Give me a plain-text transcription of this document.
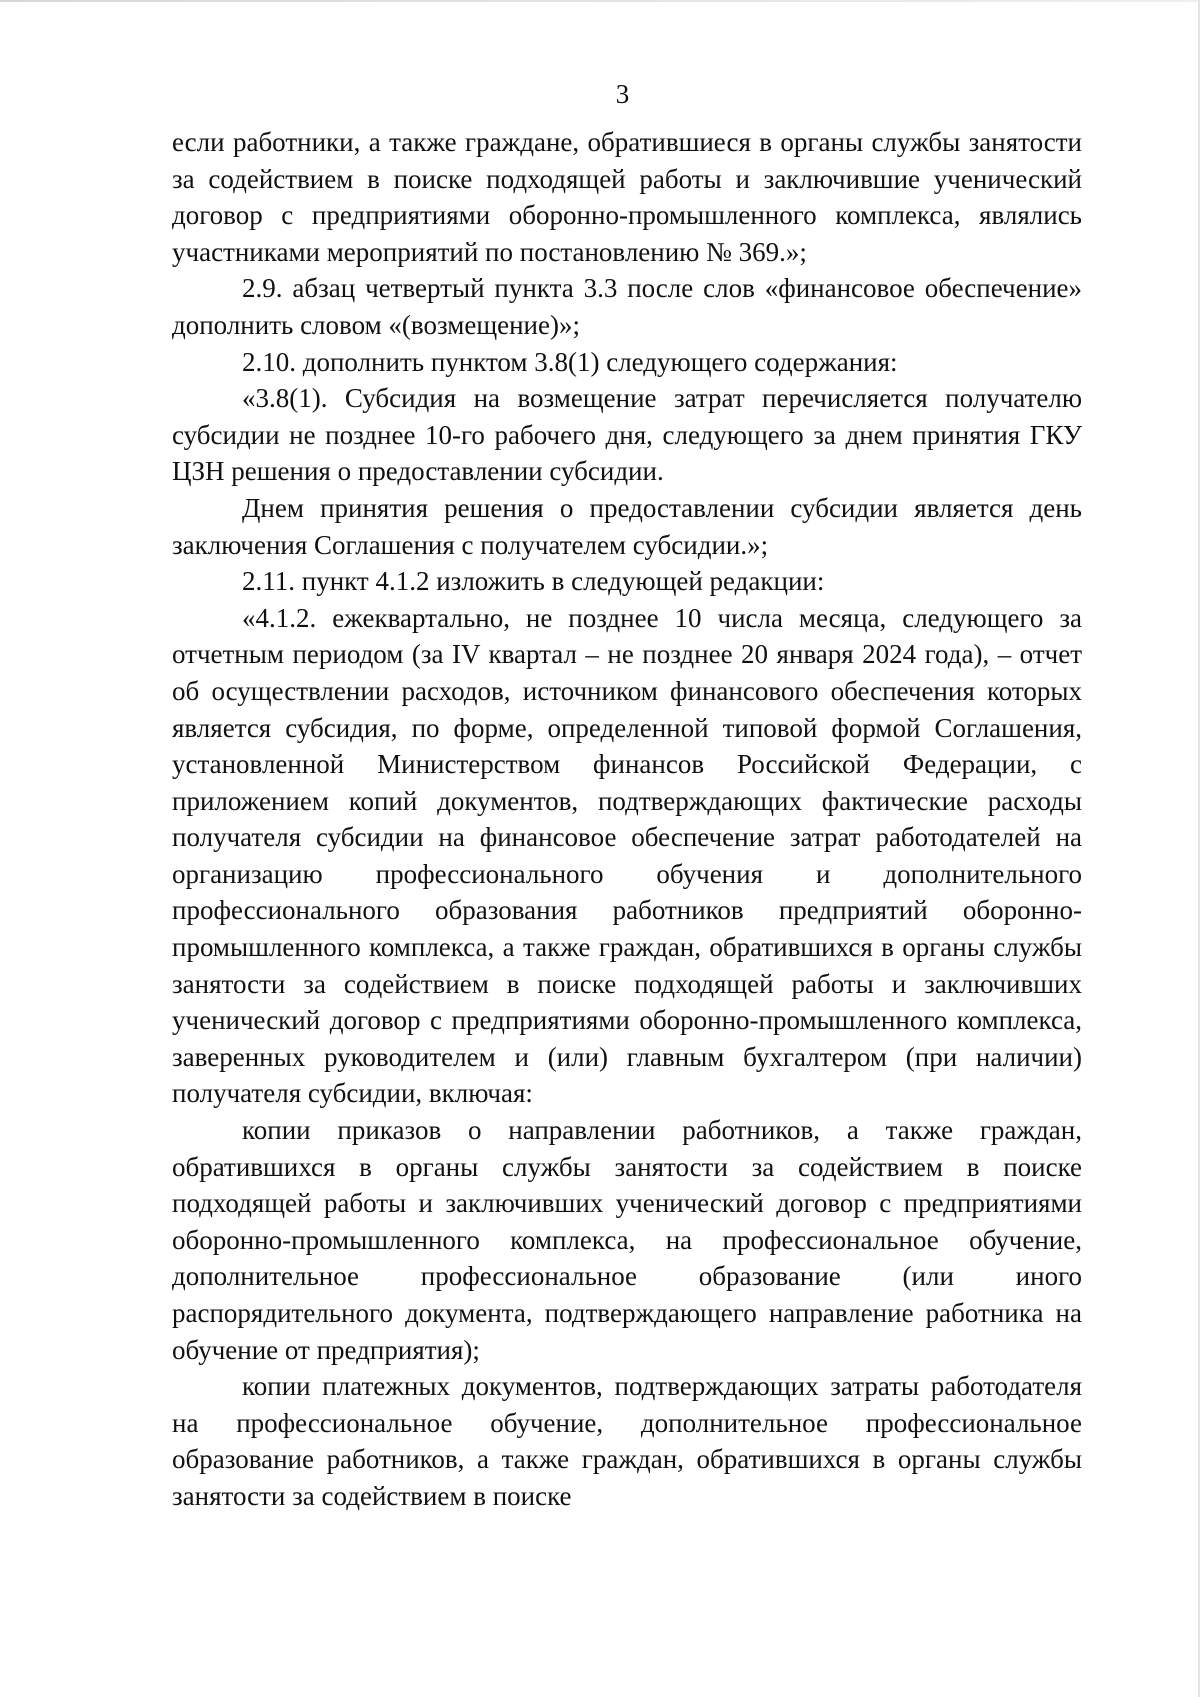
3

если работники, а также граждане, обратившиеся в органы службы занятости за содействием в поиске подходящей работы и заключившие ученический договор с предприятиями оборонно-промышленного комплекса, являлись участниками мероприятий по постановлению № 369.»;

2.9. абзац четвертый пункта 3.3 после слов «финансовое обеспечение» дополнить словом «(возмещение)»;

2.10. дополнить пунктом 3.8(1) следующего содержания:

«3.8(1). Субсидия на возмещение затрат перечисляется получателю субсидии не позднее 10-го рабочего дня, следующего за днем принятия ГКУ ЦЗН решения о предоставлении субсидии.

Днем принятия решения о предоставлении субсидии является день заключения Соглашения с получателем субсидии.»;

2.11. пункт 4.1.2 изложить в следующей редакции:

«4.1.2. ежеквартально, не позднее 10 числа месяца, следующего за отчетным периодом (за IV квартал – не позднее 20 января 2024 года), – отчет об осуществлении расходов, источником финансового обеспечения которых является субсидия, по форме, определенной типовой формой Соглашения, установленной Министерством финансов Российской Федерации, с приложением копий документов, подтверждающих фактические расходы получателя субсидии на финансовое обеспечение затрат работодателей на организацию профессионального обучения и дополнительного профессионального образования работников предприятий оборонно-промышленного комплекса, а также граждан, обратившихся в органы службы занятости за содействием в поиске подходящей работы и заключивших ученический договор с предприятиями оборонно-промышленного комплекса, заверенных руководителем и (или) главным бухгалтером (при наличии) получателя субсидии, включая:

копии приказов о направлении работников, а также граждан, обратившихся в органы службы занятости за содействием в поиске подходящей работы и заключивших ученический договор с предприятиями оборонно-промышленного комплекса, на профессиональное обучение, дополнительное профессиональное образование (или иного распорядительного документа, подтверждающего направление работника на обучение от предприятия);

копии платежных документов, подтверждающих затраты работодателя на профессиональное обучение, дополнительное профессиональное образование работников, а также граждан, обратившихся в органы службы занятости за содействием в поиске
